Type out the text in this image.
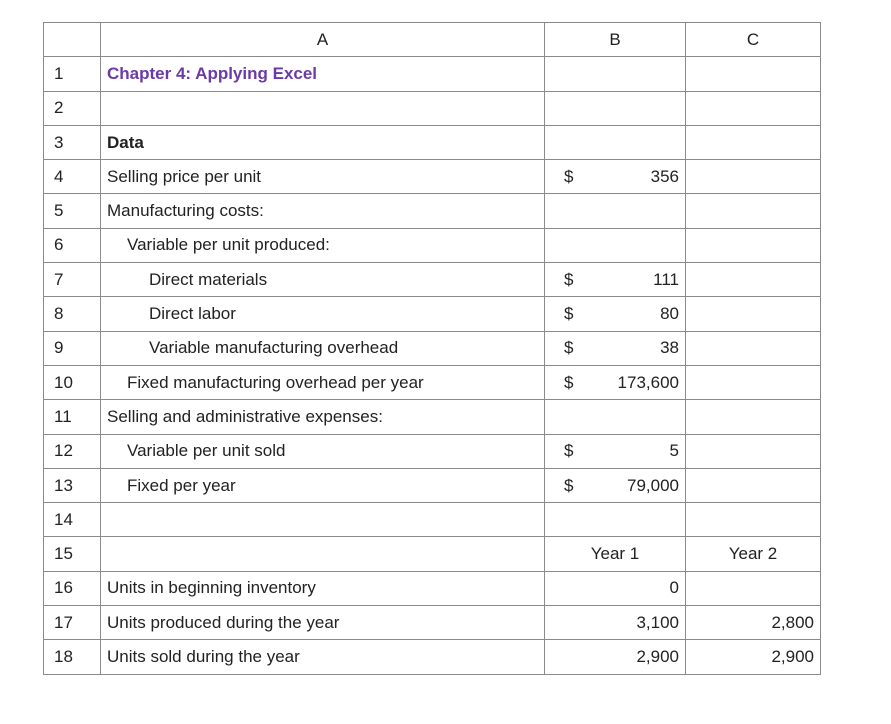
	A	B	C
1	Chapter 4: Applying Excel	

2		

3	Data	

4	Selling price per unit	$ 356	

5	Manufacturing costs:	

6	Variable per unit produced:	

7	Direct materials	$ 111	

8	Direct labor	$ 80	

9	Variable manufacturing overhead	$ 38	

10	Fixed manufacturing overhead per year	$ 173,600	

11	Selling and administrative expenses:	

12	Variable per unit sold	$ 5	

13	Fixed per year	$ 79,000	

14		

15		Year 1	Year 2
16	Units in beginning inventory	0	

17	Units produced during the year	3,100	2,800
18	Units sold during the year	2,900	2,900
